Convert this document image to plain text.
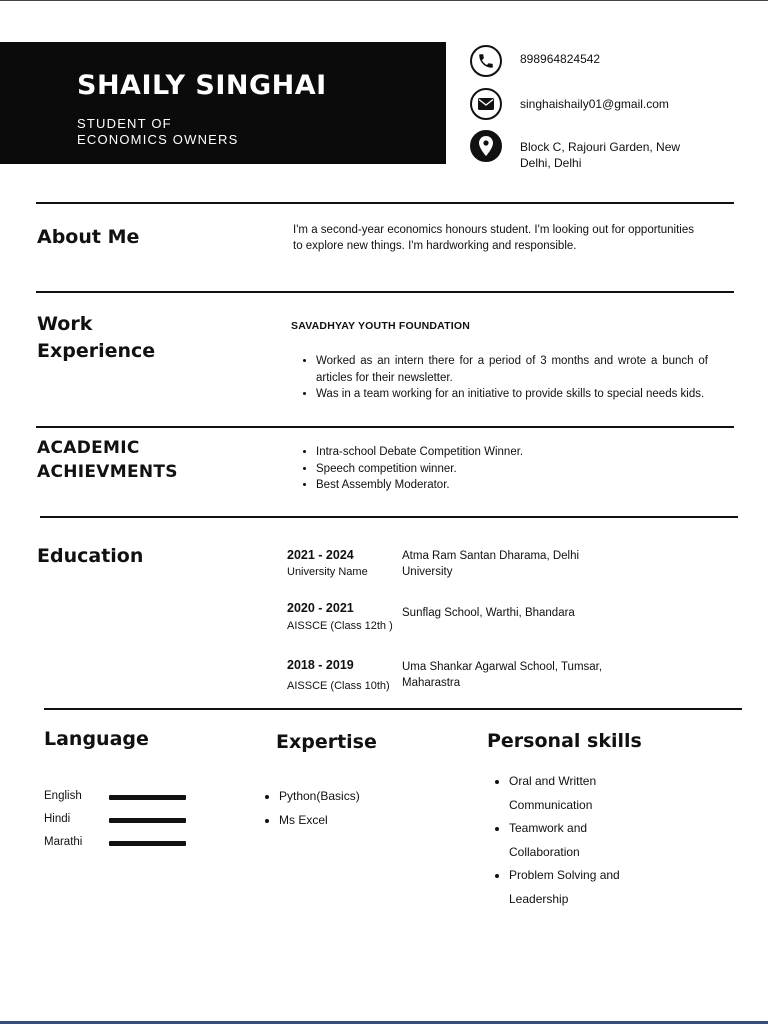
SHAILY SINGHAI
STUDENT OF
ECONOMICS OWNERS
898964824542
singhaishaily01@gmail.com
Block C, Rajouri Garden, New
Delhi, Delhi
About Me	I'm a second-year economics honours student. I'm looking out for opportunities to explore new things. I'm hardworking and responsible.
Work
Experience
SAVADHYAY YOUTH FOUNDATION
• Worked as an intern there for a period of 3 months and wrote a bunch of articles for their newsletter.
• Was in a team working for an initiative to provide skills to special needs kids.
ACADEMIC
ACHIEVMENTS
• Intra-school Debate Competition Winner.
• Speech competition winner.
• Best Assembly Moderator.
Education	2021 - 2024
University Name
Atma Ram Santan Dharama, Delhi University
2020 - 2021
AISSCE (Class 12th )
Sunflag School, Warthi, Bhandara
2018 - 2019
AISSCE (Class 10th)
Uma Shankar Agarwal School, Tumsar, Maharastra
Language
English
Hindi
Marathi
Expertise
• Python(Basics)
• Ms Excel
Personal skills
• Oral and Written Communication
• Teamwork and Collaboration
• Problem Solving and Leadership
